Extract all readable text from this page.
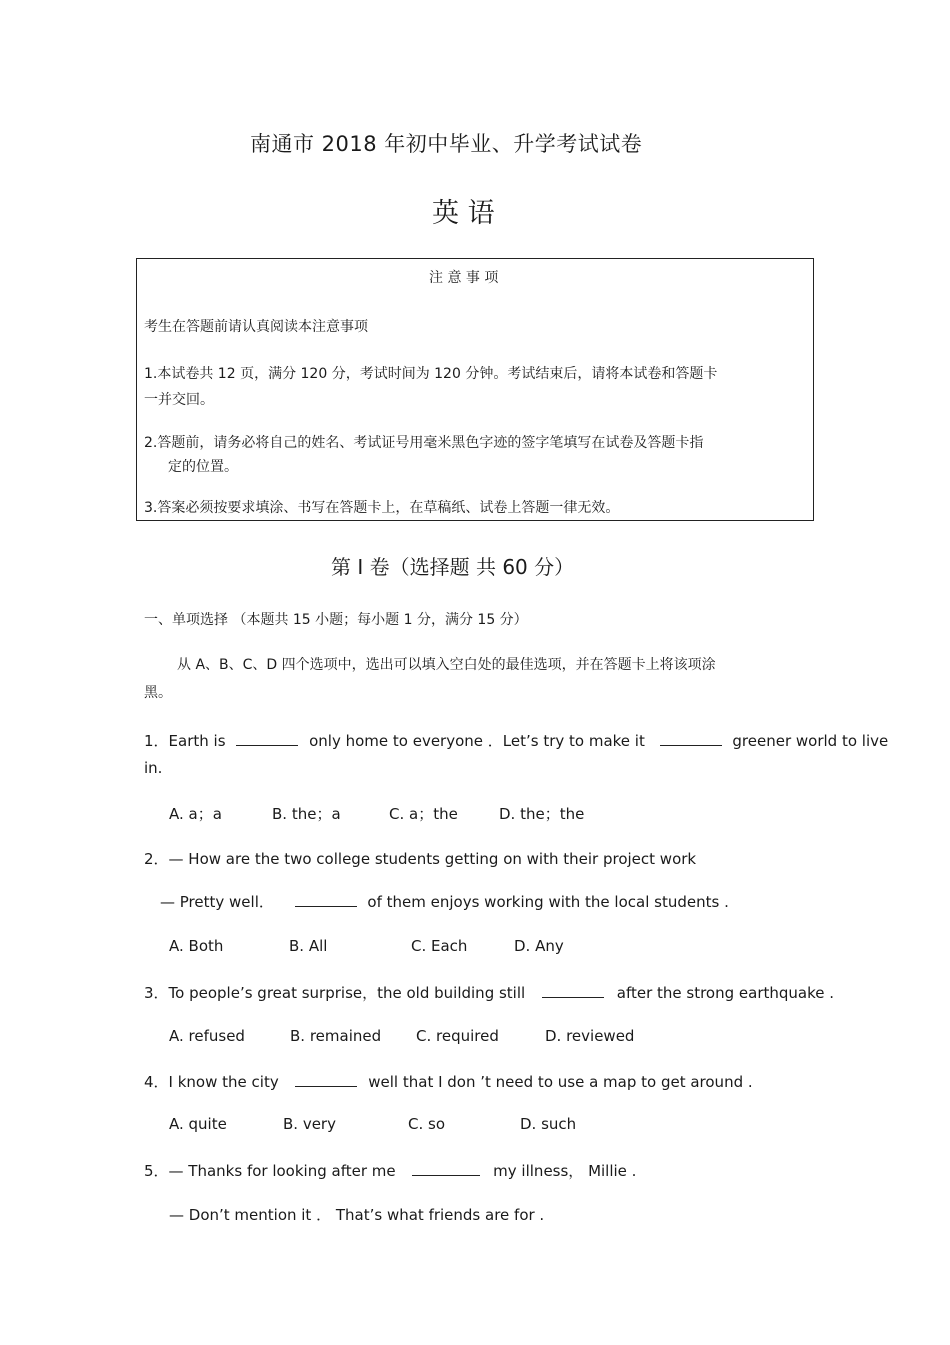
南通市 2018 年初中毕业、升学考试试卷
英 语
注 意 事 项
考生在答题前请认真阅读本注意事项
1.本试卷共 12 页，满分 120 分，考试时间为 120 分钟。考试结束后，请将本试卷和答题卡
一并交回。
2.答题前，请务必将自己的姓名、考试证号用毫米黑色字迹的签字笔填写在试卷及答题卡指
定的位置。
3.答案必须按要求填涂、书写在答题卡上，在草稿纸、试卷上答题一律无效。
第 I 卷（选择题 共 60 分）
一、单项选择 （本题共 15 小题；每小题 1 分，满分 15 分）
从 A、B、C、D 四个选项中，选出可以填入空白处的最佳选项，并在答题卡上将该项涂
黑。
1．Earth is	only home to everyone ．Let’s try to make it	greener world to live
in.
A. a；a	B. the；a	C. a；the	D. the；the
2．— How are the two college students getting on with their project work
— Pretty well．	of them enjoys working with the local students .
A. Both	B. All	C. Each	D. Any
3．To people’s great surprise，the old building still	after the strong earthquake .
A. refused	B. remained C. required	D. reviewed
4．I know the city	well that I don ’t need to use a map to get around .
A. quite	B. very	C. so	D. such
5．— Thanks for looking after me	my illness， Millie .
— Don’t mention it ． That’s what friends are for .
